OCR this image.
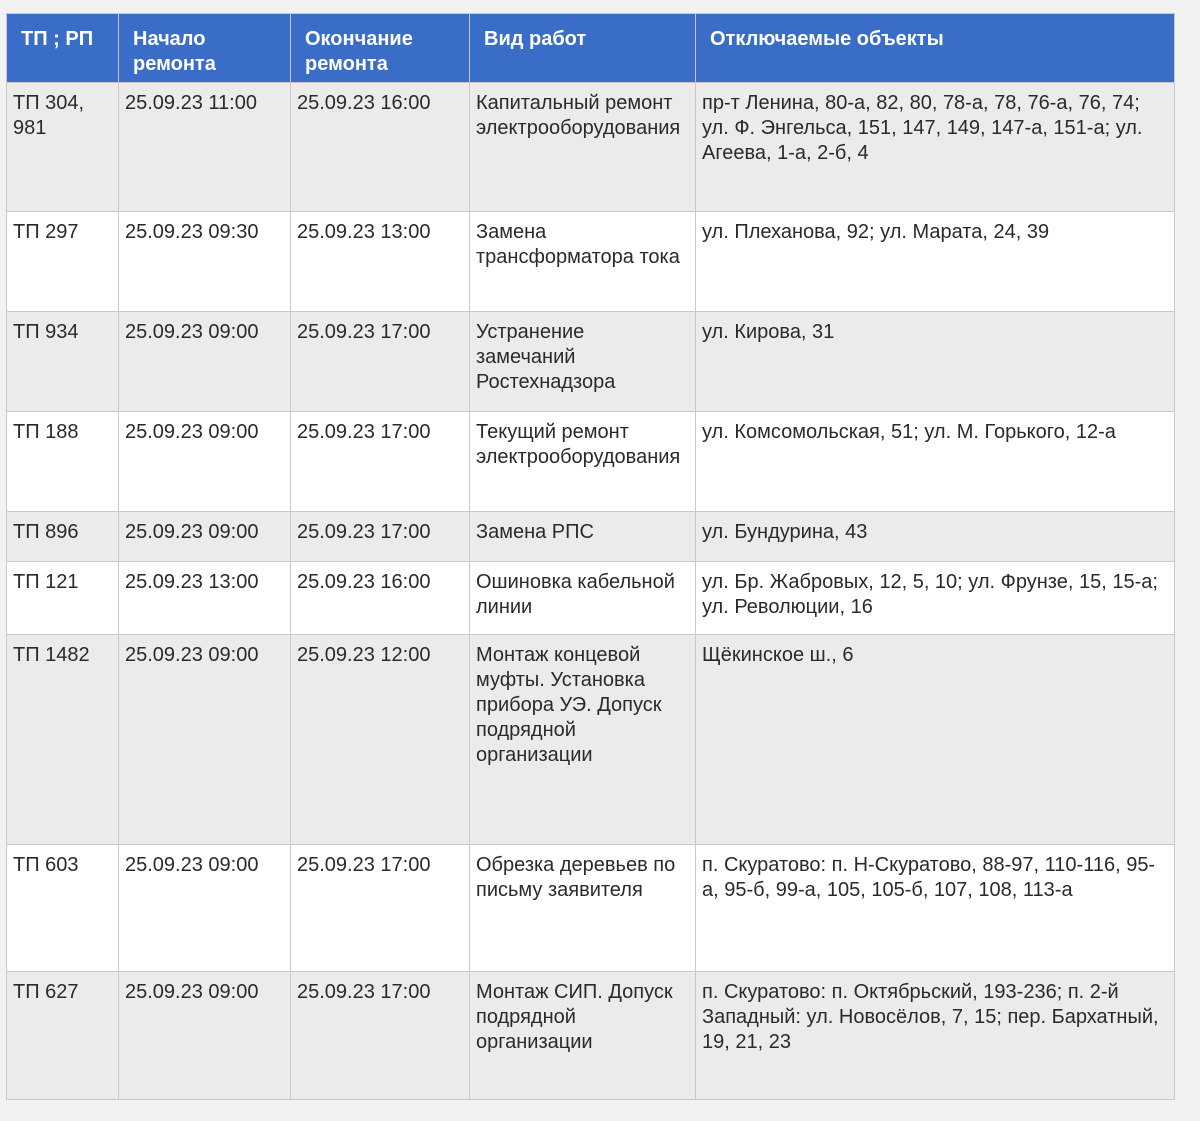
ТП ; РП	Начало ремонта	Окончание ремонта	Вид работ	Отключаемые объекты
ТП 304, 981	25.09.23 11:00	25.09.23 16:00	Капитальный ремонт электрооборудования	пр-т Ленина, 80-а, 82, 80, 78-а, 78, 76-а, 76, 74; ул. Ф. Энгельса, 151, 147, 149, 147-а, 151-а; ул. Агеева, 1-а, 2-б, 4
ТП 297	25.09.23 09:30	25.09.23 13:00	Замена трансформатора тока	ул. Плеханова, 92; ул. Марата, 24, 39
ТП 934	25.09.23 09:00	25.09.23 17:00	Устранение замечаний Ростехнадзора	ул. Кирова, 31
ТП 188	25.09.23 09:00	25.09.23 17:00	Текущий ремонт электрооборудования	ул. Комсомольская, 51; ул. М. Горького, 12-а
ТП 896	25.09.23 09:00	25.09.23 17:00	Замена РПС	ул. Бундурина, 43
ТП 121	25.09.23 13:00	25.09.23 16:00	Ошиновка кабельной линии	ул. Бр. Жабровых, 12, 5, 10; ул. Фрунзе, 15, 15-а; ул. Революции, 16
ТП 1482	25.09.23 09:00	25.09.23 12:00	Монтаж концевой муфты. Установка прибора УЭ. Допуск подрядной организации	Щёкинское ш., 6
ТП 603	25.09.23 09:00	25.09.23 17:00	Обрезка деревьев по письму заявителя	п. Скуратово: п. Н-Скуратово, 88-97, 110-116, 95-а, 95-б, 99-а, 105, 105-б, 107, 108, 113-а
ТП 627	25.09.23 09:00	25.09.23 17:00	Монтаж СИП. Допуск подрядной организации	п. Скуратово: п. Октябрьский, 193-236; п. 2-й Западный: ул. Новосёлов, 7, 15; пер. Бархатный, 19, 21, 23
